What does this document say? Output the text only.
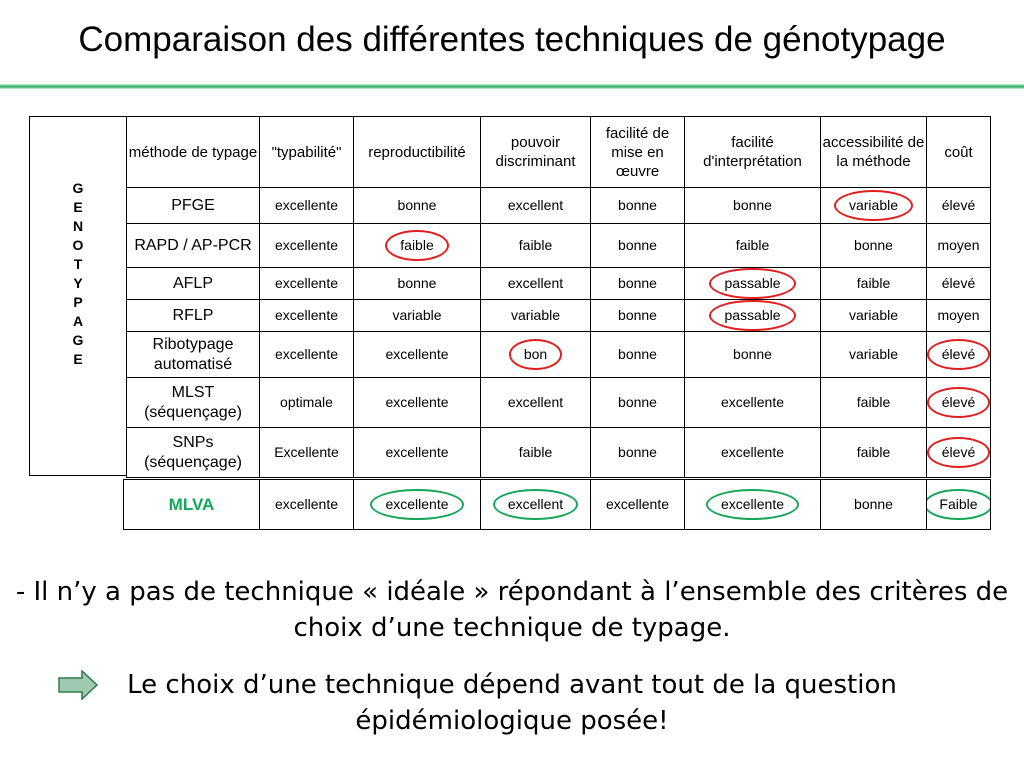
Comparaison des différentes techniques de génotypage
G
E
N
O
T
Y
P
A
G
E
méthode de typage	"typabilité"	reproductibilité	pouvoir discriminant	facilité de mise en œuvre	facilité d'interprétation	accessibilité de la méthode	coût
PFGE	excellente	bonne	excellent	bonne	bonne	variable	élevé
RAPD / AP-PCR	excellente	faible	faible	bonne	faible	bonne	moyen
AFLP	excellente	bonne	excellent	bonne	passable	faible	élevé
RFLP	excellente	variable	variable	bonne	passable	variable	moyen
Ribotypage automatisé	excellente	excellente	bon	bonne	bonne	variable	élevé
MLST (séquençage)	optimale	excellente	excellent	bonne	excellente	faible	élevé
SNPs (séquençage)	Excellente	excellente	faible	bonne	excellente	faible	élevé
MLVA	excellente	excellente	excellent	excellente	excellente	bonne	Faible
- Il n’y a pas de technique « idéale » répondant à l’ensemble des critères de choix d’une technique de typage.
Le choix d’une technique dépend avant tout de la question épidémiologique posée!
